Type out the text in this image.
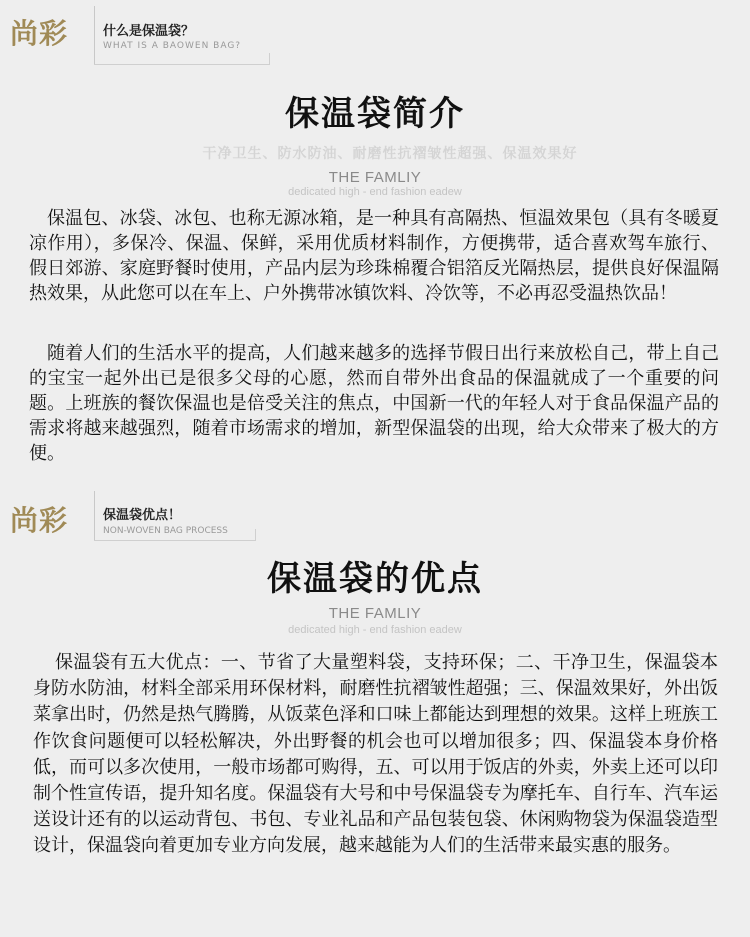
尚彩	什么是保温袋？
WHAT IS A BAOWEN BAG?
保温袋简介
干净卫生、防水防油、耐磨性抗褶皱性超强、保温效果好
THE FAMLIY
dedicated high - end fashion eadew

保温包、冰袋、冰包、也称无源冰箱，是一种具有高隔热、恒温效果包（具有冬暖夏凉作用），多保冷、保温、保鲜，采用优质材料制作，方便携带，适合喜欢驾车旅行、假日郊游、家庭野餐时使用，产品内层为珍珠棉覆合铝箔反光隔热层，提供良好保温隔热效果，从此您可以在车上、户外携带冰镇饮料、冷饮等，不必再忍受温热饮品！

随着人们的生活水平的提高，人们越来越多的选择节假日出行来放松自己，带上自己的宝宝一起外出已是很多父母的心愿，然而自带外出食品的保温就成了一个重要的问题。上班族的餐饮保温也是倍受关注的焦点，中国新一代的年轻人对于食品保温产品的需求将越来越强烈，随着市场需求的增加，新型保温袋的出现，给大众带来了极大的方便。

尚彩	保温袋优点！
NON-WOVEN BAG PROCESS
保温袋的优点
THE FAMLIY
dedicated high - end fashion eadew

保温袋有五大优点：一、节省了大量塑料袋，支持环保；二、干净卫生，保温袋本身防水防油，材料全部采用环保材料，耐磨性抗褶皱性超强；三、保温效果好，外出饭菜拿出时，仍然是热气腾腾，从饭菜色泽和口味上都能达到理想的效果。这样上班族工作饮食问题便可以轻松解决，外出野餐的机会也可以增加很多；四、保温袋本身价格低，而可以多次使用，一般市场都可购得，五、可以用于饭店的外卖，外卖上还可以印制个性宣传语，提升知名度。保温袋有大号和中号保温袋专为摩托车、自行车、汽车运送设计还有的以运动背包、书包、专业礼品和产品包装包袋、休闲购物袋为保温袋造型设计，保温袋向着更加专业方向发展，越来越能为人们的生活带来最实惠的服务。
